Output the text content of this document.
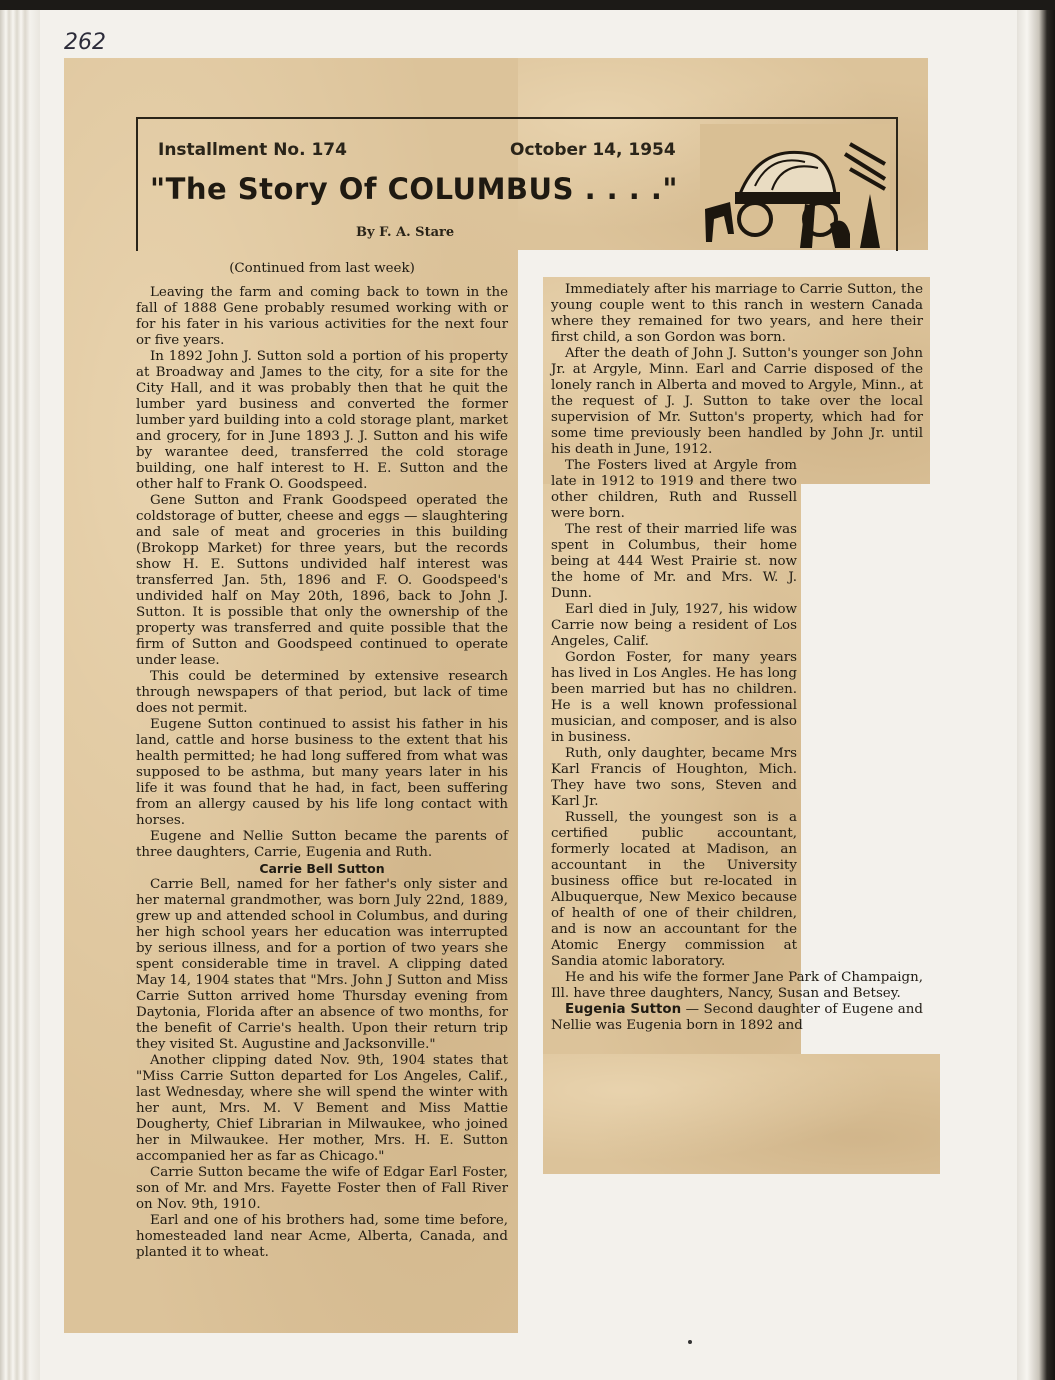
262
Installment No. 174	October 14, 1954
"The Story Of COLUMBUS . . . ."
By F. A. Stare
(Continued from last week)

Leaving the farm and coming back to town in the fall of 1888 Gene probably resumed working with or for his fater in his various activities for the next four or five years.

In 1892 John J. Sutton sold a portion of his property at Broadway and James to the city, for a site for the City Hall, and it was probably then that he quit the lumber yard business and converted the former lumber yard building into a cold storage plant, market and grocery, for in June 1893 J. J. Sutton and his wife by warantee deed, transferred the cold storage building, one half interest to H. E. Sutton and the other half to Frank O. Goodspeed.

Gene Sutton and Frank Goodspeed operated the coldstorage of butter, cheese and eggs — slaughtering and sale of meat and groceries in this building (Brokopp Market) for three years, but the records show H. E. Suttons undivided half interest was transferred Jan. 5th, 1896 and F. O. Goodspeed's undivided half on May 20th, 1896, back to John J. Sutton. It is possible that only the ownership of the property was transferred and quite possible that the firm of Sutton and Goodspeed continued to operate under lease.

This could be determined by extensive research through newspapers of that period, but lack of time does not permit.

Eugene Sutton continued to assist his father in his land, cattle and horse business to the extent that his health permitted; he had long suffered from what was supposed to be asthma, but many years later in his life it was found that he had, in fact, been suffering from an allergy caused by his life long contact with horses.

Eugene and Nellie Sutton became the parents of three daughters, Carrie, Eugenia and Ruth.

Carrie Bell Sutton

Carrie Bell, named for her father's only sister and her maternal grandmother, was born July 22nd, 1889, grew up and attended school in Columbus, and during her high school years her education was interrupted by serious illness, and for a portion of two years she spent considerable time in travel. A clipping dated May 14, 1904 states that "Mrs. John J Sutton and Miss Carrie Sutton arrived home Thursday evening from Daytonia, Florida after an absence of two months, for the benefit of Carrie's health. Upon their return trip they visited St. Augustine and Jacksonville."

Another clipping dated Nov. 9th, 1904 states that "Miss Carrie Sutton departed for Los Angeles, Calif., last Wednesday, where she will spend the winter with her aunt, Mrs. M. V Bement and Miss Mattie Dougherty, Chief Librarian in Milwaukee, who joined her in Milwaukee. Her mother, Mrs. H. E. Sutton accompanied her as far as Chicago."

Carrie Sutton became the wife of Edgar Earl Foster, son of Mr. and Mrs. Fayette Foster then of Fall River on Nov. 9th, 1910.

Earl and one of his brothers had, some time before, homesteaded land near Acme, Alberta, Canada, and planted it to wheat.

Immediately after his marriage to Carrie Sutton, the young couple went to this ranch in western Canada where they remained for two years, and here their first child, a son Gordon was born.

After the death of John J. Sutton's younger son John Jr. at Argyle, Minn. Earl and Carrie disposed of the lonely ranch in Alberta and moved to Argyle, Minn., at the request of J. J. Sutton to take over the local supervision of Mr. Sutton's property, which had for some time previously been handled by John Jr. until his death in June, 1912.

The Fosters lived at Argyle from late in 1912 to 1919 and there two other children, Ruth and Russell were born.

The rest of their married life was spent in Columbus, their home being at 444 West Prairie st. now the home of Mr. and Mrs. W. J. Dunn.

Earl died in July, 1927, his widow Carrie now being a resident of Los Angeles, Calif.

Gordon Foster, for many years has lived in Los Angles. He has long been married but has no children. He is a well known professional musician, and composer, and is also in business.

Ruth, only daughter, became Mrs Karl Francis of Houghton, Mich. They have two sons, Steven and Karl Jr.

Russell, the youngest son is a certified public accountant, formerly located at Madison, an accountant in the University business office but re-located in Albuquerque, New Mexico because of health of one of their children, and is now an accountant for the Atomic Energy commission at Sandia atomic laboratory.

He and his wife the former Jane Park of Champaign, Ill. have three daughters, Nancy, Susan and Betsey.

Eugenia Sutton — Second daughter of Eugene and Nellie was Eugenia born in 1892 and
